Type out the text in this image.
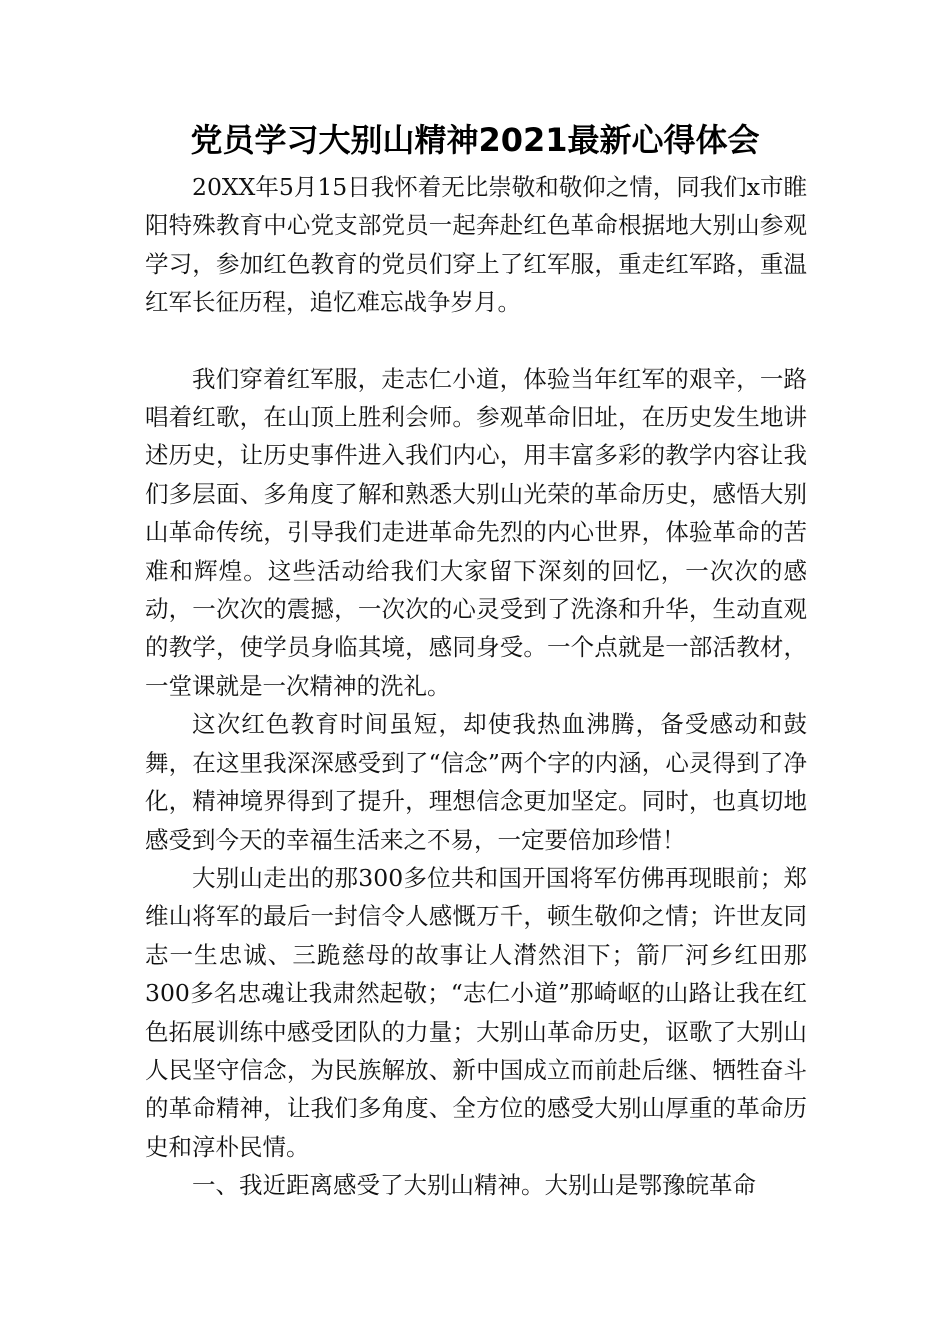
党员学习大别山精神2021最新心得体会

20XX年5月15日我怀着无比崇敬和敬仰之情，同我们x市睢阳特殊教育中心党支部党员一起奔赴红色革命根据地大别山参观学习，参加红色教育的党员们穿上了红军服，重走红军路，重温红军长征历程，追忆难忘战争岁月。

我们穿着红军服，走志仁小道，体验当年红军的艰辛，一路唱着红歌，在山顶上胜利会师。参观革命旧址，在历史发生地讲述历史，让历史事件进入我们内心，用丰富多彩的教学内容让我们多层面、多角度了解和熟悉大别山光荣的革命历史，感悟大别山革命传统，引导我们走进革命先烈的内心世界，体验革命的苦难和辉煌。这些活动给我们大家留下深刻的回忆，一次次的感动，一次次的震撼，一次次的心灵受到了洗涤和升华，生动直观的教学，使学员身临其境，感同身受。一个点就是一部活教材，一堂课就是一次精神的洗礼。

这次红色教育时间虽短，却使我热血沸腾，备受感动和鼓舞，在这里我深深感受到了“信念”两个字的内涵，心灵得到了净化，精神境界得到了提升，理想信念更加坚定。同时，也真切地感受到今天的幸福生活来之不易，一定要倍加珍惜！

大别山走出的那300多位共和国开国将军仿佛再现眼前；郑维山将军的最后一封信令人感慨万千，顿生敬仰之情；许世友同志一生忠诚、三跪慈母的故事让人潸然泪下；箭厂河乡红田那300多名忠魂让我肃然起敬；“志仁小道”那崎岖的山路让我在红色拓展训练中感受团队的力量；大别山革命历史，讴歌了大别山人民坚守信念，为民族解放、新中国成立而前赴后继、牺牲奋斗的革命精神，让我们多角度、全方位的感受大别山厚重的革命历史和淳朴民情。

一、我近距离感受了大别山精神。大别山是鄂豫皖革命
